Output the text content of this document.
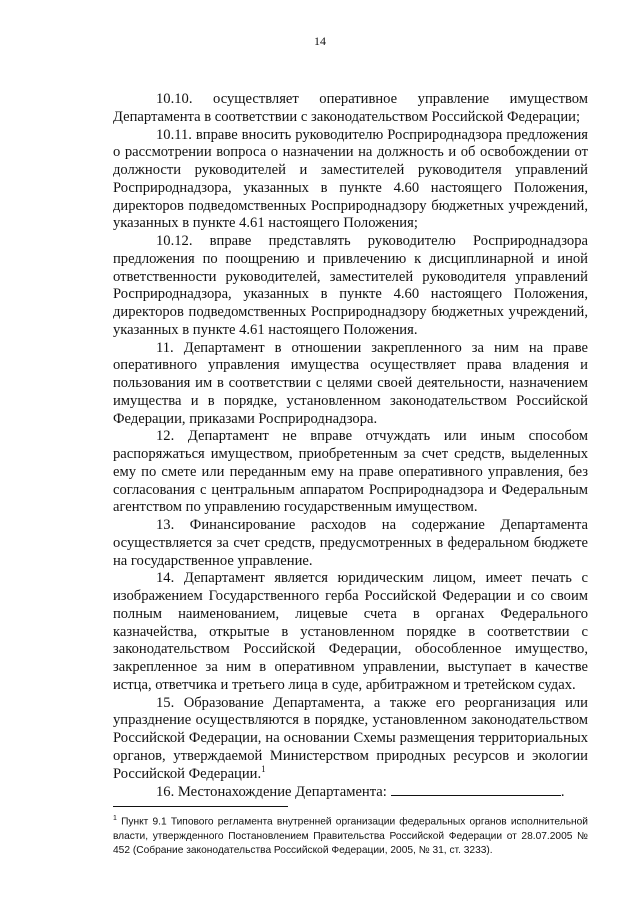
14

10.10. осуществляет оперативное управление имуществом Департамента в соответствии с законодательством Российской Федерации;

10.11. вправе вносить руководителю Росприроднадзора предложения о рассмотрении вопроса о назначении на должность и об освобождении от должности руководителей и заместителей руководителя управлений Росприроднадзора, указанных в пункте 4.60 настоящего Положения, директоров подведомственных Росприроднадзору бюджетных учреждений, указанных в пункте 4.61 настоящего Положения;

10.12. вправе представлять руководителю Росприроднадзора предложения по поощрению и привлечению к дисциплинарной и иной ответственности руководителей, заместителей руководителя управлений Росприроднадзора, указанных в пункте 4.60 настоящего Положения, директоров подведомственных Росприроднадзору бюджетных учреждений, указанных в пункте 4.61 настоящего Положения.

11. Департамент в отношении закрепленного за ним на праве оперативного управления имущества осуществляет права владения и пользования им в соответствии с целями своей деятельности, назначением имущества и в порядке, установленном законодательством Российской Федерации, приказами Росприроднадзора.

12. Департамент не вправе отчуждать или иным способом распоряжаться имуществом, приобретенным за счет средств, выделенных ему по смете или переданным ему на праве оперативного управления, без согласования с центральным аппаратом Росприроднадзора и Федеральным агентством по управлению государственным имуществом.

13. Финансирование расходов на содержание Департамента осуществляется за счет средств, предусмотренных в федеральном бюджете на государственное управление.

14. Департамент является юридическим лицом, имеет печать с изображением Государственного герба Российской Федерации и со своим полным наименованием, лицевые счета в органах Федерального казначейства, открытые в установленном порядке в соответствии с законодательством Российской Федерации, обособленное имущество, закрепленное за ним в оперативном управлении, выступает в качестве истца, ответчика и третьего лица в суде, арбитражном и третейском судах.

15. Образование Департамента, а также его реорганизация или упразднение осуществляются в порядке, установленном законодательством Российской Федерации, на основании Схемы размещения территориальных органов, утверждаемой Министерством природных ресурсов и экологии Российской Федерации.$^1$

16. Местонахождение Департамента:	.

$^1$ Пункт 9.1 Типового регламента внутренней организации федеральных органов исполнительной власти, утвержденного Постановлением Правительства Российской Федерации от 28.07.2005 № 452 (Собрание законодательства Российской Федерации, 2005, № 31, ст. 3233).
